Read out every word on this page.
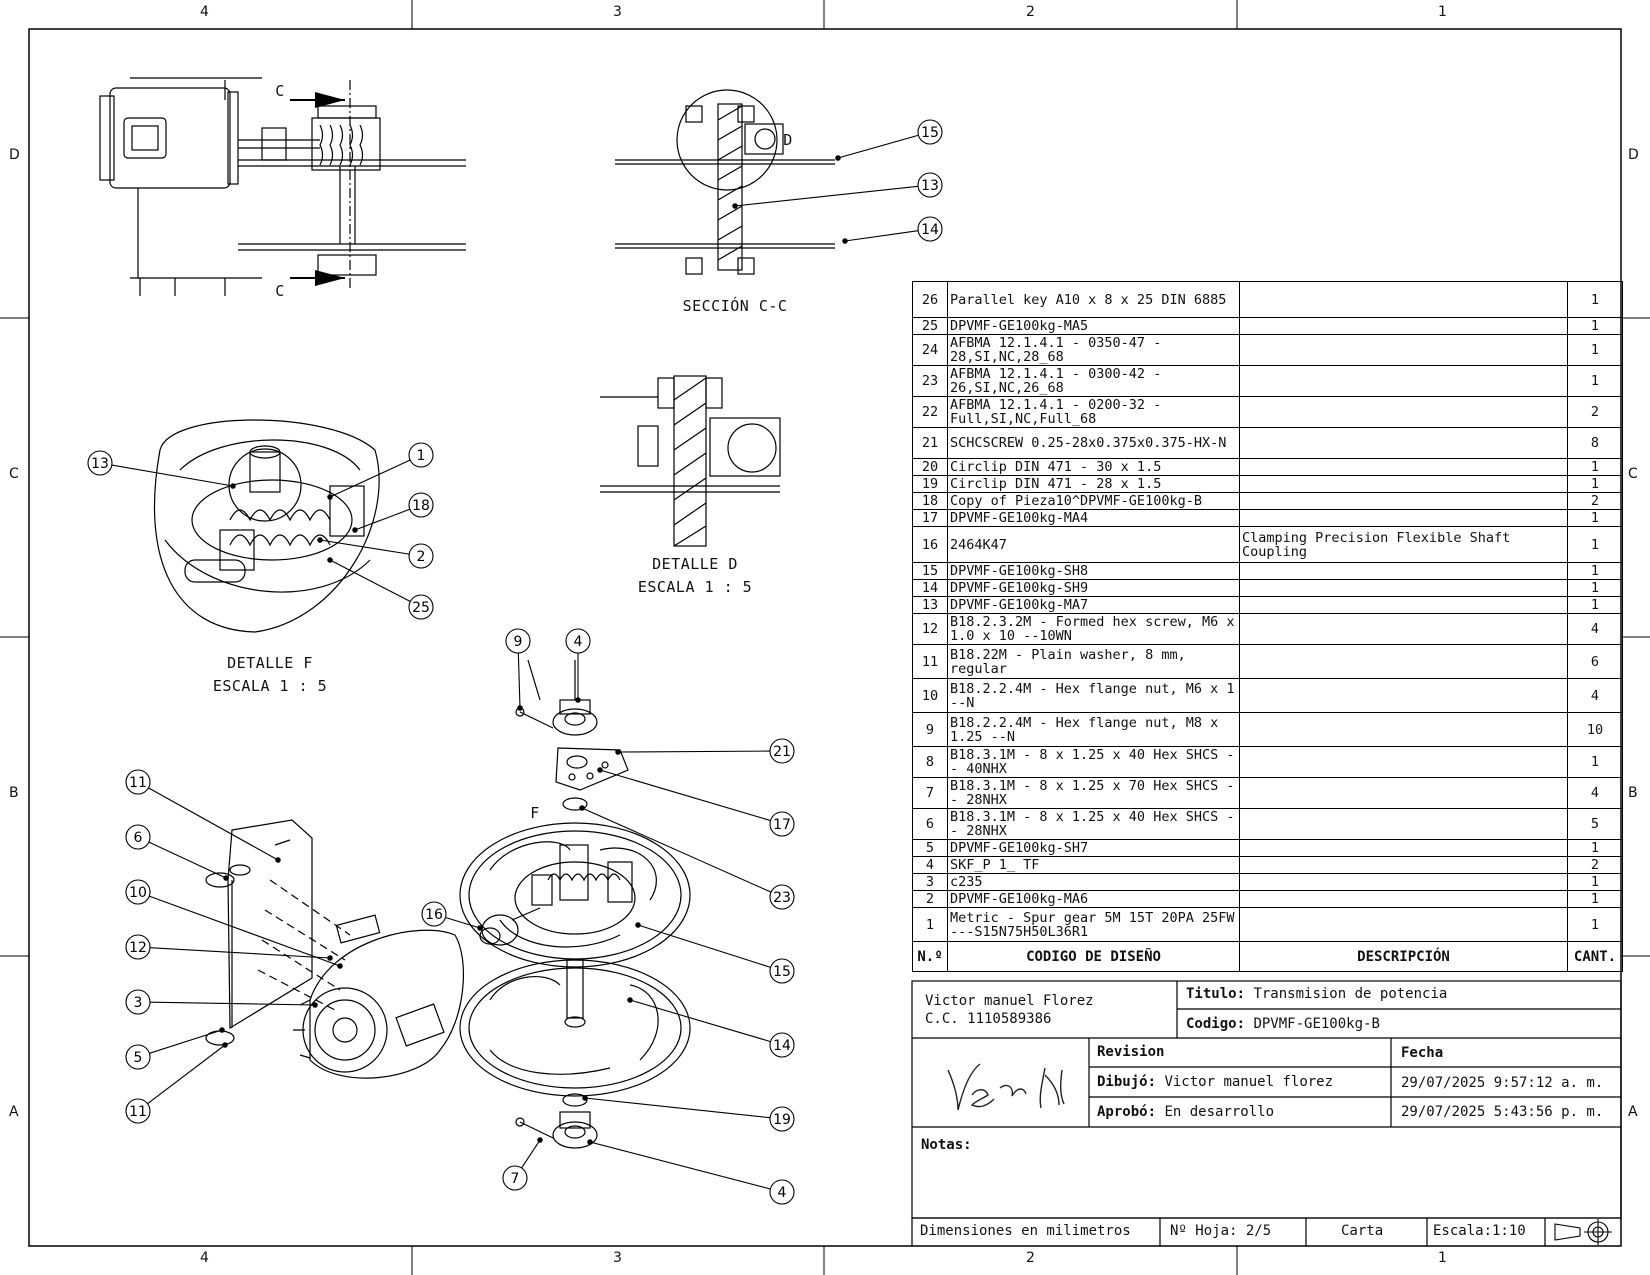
15
13
14
13	1
18
2
25
9	4
21
17
23
15
14
19
4
7
11
6
10
12
3
5
11
16
4	3	2	1
4	3	2	1
D
C
B
A
D
C
B
A
SECCIÓN C-C
DETALLE D
ESCALA 1 : 5
DETALLE F
ESCALA 1 : 5
C
C
D
F
26	Parallel key A10 x 8 x 25 DIN 6885		1
25	DPVMF-GE100kg-MA5		1
24	AFBMA 12.1.4.1 - 0350-47 - 28,SI,NC,28_68		1
23	AFBMA 12.1.4.1 - 0300-42 - 26,SI,NC,26_68		1
22	AFBMA 12.1.4.1 - 0200-32 - Full,SI,NC,Full_68		2
21	SCHCSCREW 0.25-28x0.375x0.375-HX-N		8
20	Circlip DIN 471 - 30 x 1.5		1
19	Circlip DIN 471 - 28 x 1.5		1
18	Copy of Pieza10^DPVMF-GE100kg-B		2
17	DPVMF-GE100kg-MA4		1
16	2464K47	Clamping Precision Flexible Shaft Coupling	1
15	DPVMF-GE100kg-SH8		1
14	DPVMF-GE100kg-SH9		1
13	DPVMF-GE100kg-MA7		1
12	B18.2.3.2M - Formed hex screw, M6 x 1.0 x 10 --10WN		4
11	B18.22M - Plain washer, 8 mm, regular		6
10	B18.2.2.4M - Hex flange nut, M6 x 1 --N		4
9	B18.2.2.4M - Hex flange nut, M8 x 1.25 --N		10
8	B18.3.1M - 8 x 1.25 x 40 Hex SHCS -- 40NHX		1
7	B18.3.1M - 8 x 1.25 x 70 Hex SHCS -- 28NHX		4
6	B18.3.1M - 8 x 1.25 x 40 Hex SHCS -- 28NHX		5
5	DPVMF-GE100kg-SH7		1
4	SKF_P 1_ TF		2
3	c235		1
2	DPVMF-GE100kg-MA6		1
1	Metric - Spur gear 5M 15T 20PA 25FW ---S15N75H50L36R1		1
N.º	CODIGO DE DISEÑO	DESCRIPCIÓN	CANT.
Victor manuel Florez
C.C. 1110589386
Titulo: Transmision de potencia
Codigo: DPVMF-GE100kg-B
Revision	Fecha
Dibujó: Victor manuel florez	29/07/2025 9:57:12 a. m.
Aprobó: En desarrollo	29/07/2025 5:43:56 p. m.
Notas:
Dimensiones en milimetros	Nº Hoja: 2/5	Carta	Escala:1:10
